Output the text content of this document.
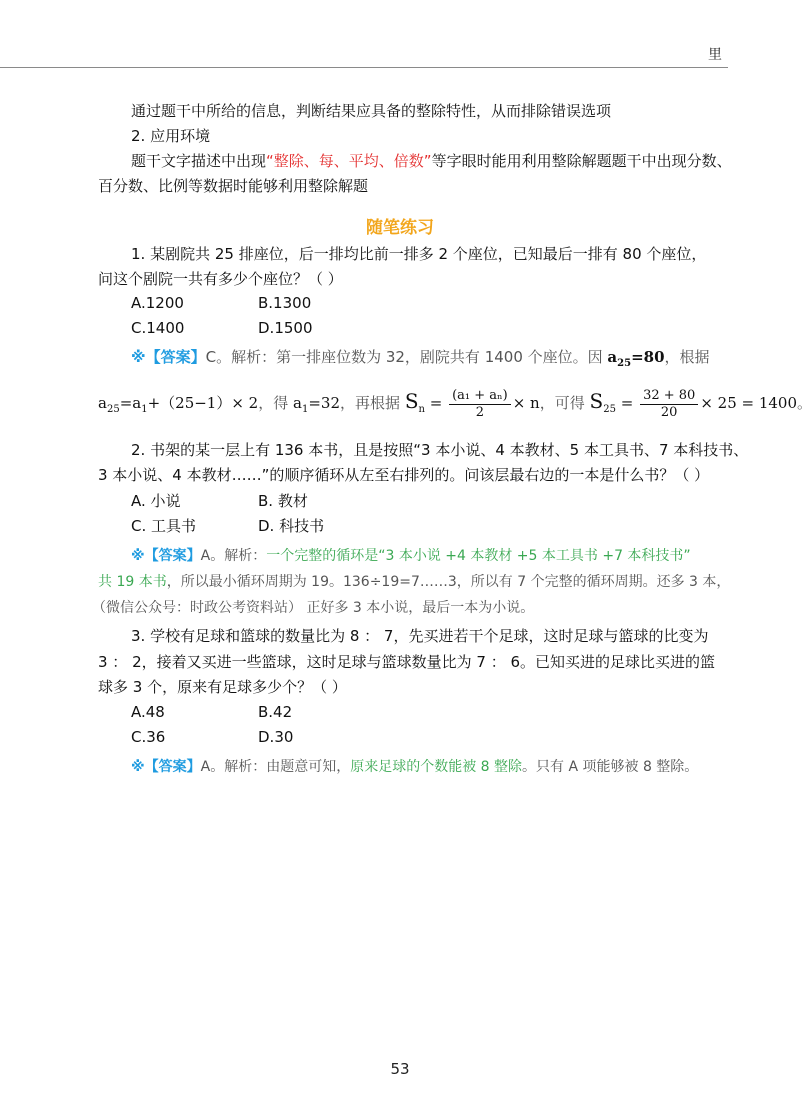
里
通过题干中所给的信息，判断结果应具备的整除特性，从而排除错误选项
2. 应用环境
题干文字描述中出现“整除、每、平均、倍数”等字眼时能用利用整除解题题干中出现分数、
百分数、比例等数据时能够利用整除解题
随笔练习
1. 某剧院共 25 排座位，后一排均比前一排多 2 个座位，已知最后一排有 80 个座位，
问这个剧院一共有多少个座位？（ ）
A.1200	B.1300
C.1400	D.1500
※【答案】C。解析：第一排座位数为 32，剧院共有 1400 个座位。因 $a_{25}=80$，根据
$a_{25}=a_1+(25-1)\times 2$，得 $a_1=32$，再根据 $S_n = \frac{\text{(a₁ + aₙ)}}{2} \times n$，可得 $S_{25} = \frac{32 + 80}{20} \times 25 = 1400$。
2. 书架的某一层上有 136 本书，且是按照“3 本小说、4 本教材、5 本工具书、7 本科技书、
3 本小说、4 本教材……”的顺序循环从左至右排列的。问该层最右边的一本是什么书？（ ）
A. 小说	B. 教材
C. 工具书	D. 科技书
※【答案】A。解析：一个完整的循环是“3 本小说 +4 本教材 +5 本工具书 +7 本科技书”
共 19 本书，所以最小循环周期为 19。136÷19=7……3，所以有 7 个完整的循环周期。还多 3 本，
（微信公众号：时政公考资料站） 正好多 3 本小说，最后一本为小说。
3. 学校有足球和篮球的数量比为 8 ： 7，先买进若干个足球，这时足球与篮球的比变为
3 ： 2，接着又买进一些篮球，这时足球与篮球数量比为 7 ： 6。已知买进的足球比买进的篮
球多 3 个，原来有足球多少个？（ ）
A.48	B.42
C.36	D.30
※【答案】A。解析：由题意可知，原来足球的个数能被 8 整除。只有 A 项能够被 8 整除。
53
